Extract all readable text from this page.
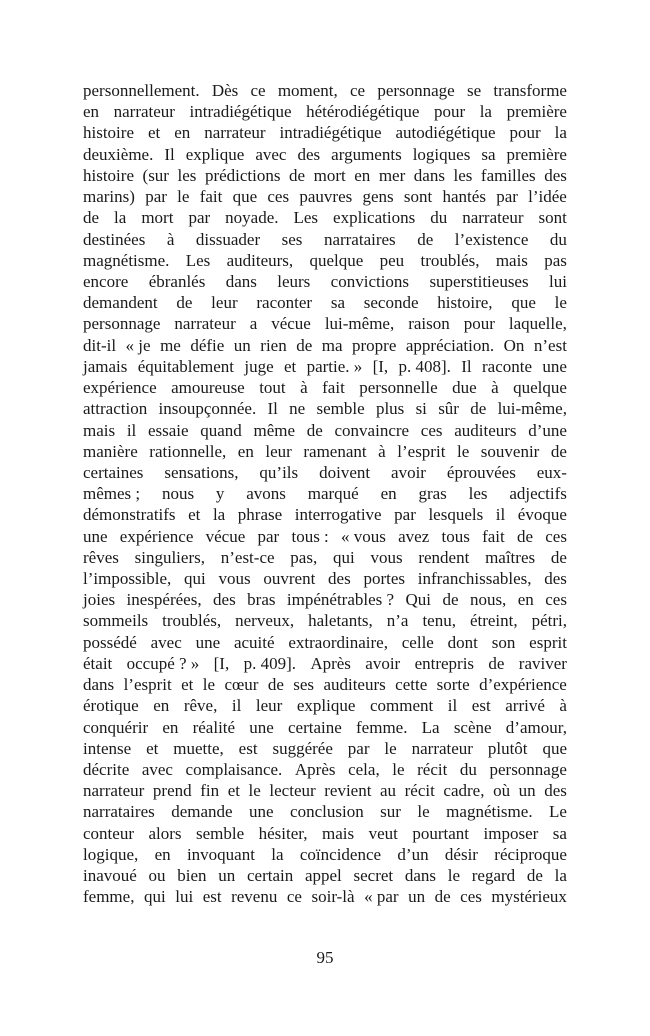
personnellement. Dès ce moment, ce personnage se transforme
en narrateur intradiégétique hétérodiégétique pour la première
histoire et en narrateur intradiégétique autodiégétique pour la
deuxième. Il explique avec des arguments logiques sa première
histoire (sur les prédictions de mort en mer dans les familles des
marins) par le fait que ces pauvres gens sont hantés par l’idée
de la mort par noyade. Les explications du narrateur sont
destinées à dissuader ses narrataires de l’existence du
magnétisme. Les auditeurs, quelque peu troublés, mais pas
encore ébranlés dans leurs convictions superstitieuses lui
demandent de leur raconter sa seconde histoire, que le
personnage narrateur a vécue lui-même, raison pour laquelle,
dit-il « je me défie un rien de ma propre appréciation. On n’est
jamais équitablement juge et partie. » [I, p. 408]. Il raconte une
expérience amoureuse tout à fait personnelle due à quelque
attraction insoupçonnée. Il ne semble plus si sûr de lui-même,
mais il essaie quand même de convaincre ces auditeurs d’une
manière rationnelle, en leur ramenant à l’esprit le souvenir de
certaines sensations, qu’ils doivent avoir éprouvées eux-
mêmes ; nous y avons marqué en gras les adjectifs
démonstratifs et la phrase interrogative par lesquels il évoque
une expérience vécue par tous : « vous avez tous fait de ces
rêves singuliers, n’est-ce pas, qui vous rendent maîtres de
l’impossible, qui vous ouvrent des portes infranchissables, des
joies inespérées, des bras impénétrables ? Qui de nous, en ces
sommeils troublés, nerveux, haletants, n’a tenu, étreint, pétri,
possédé avec une acuité extraordinaire, celle dont son esprit
était occupé ? » [I, p. 409]. Après avoir entrepris de raviver
dans l’esprit et le cœur de ses auditeurs cette sorte d’expérience
érotique en rêve, il leur explique comment il est arrivé à
conquérir en réalité une certaine femme. La scène d’amour,
intense et muette, est suggérée par le narrateur plutôt que
décrite avec complaisance. Après cela, le récit du personnage
narrateur prend fin et le lecteur revient au récit cadre, où un des
narrataires demande une conclusion sur le magnétisme. Le
conteur alors semble hésiter, mais veut pourtant imposer sa
logique, en invoquant la coïncidence d’un désir réciproque
inavoué ou bien un certain appel secret dans le regard de la
femme, qui lui est revenu ce soir-là « par un de ces mystérieux
95
